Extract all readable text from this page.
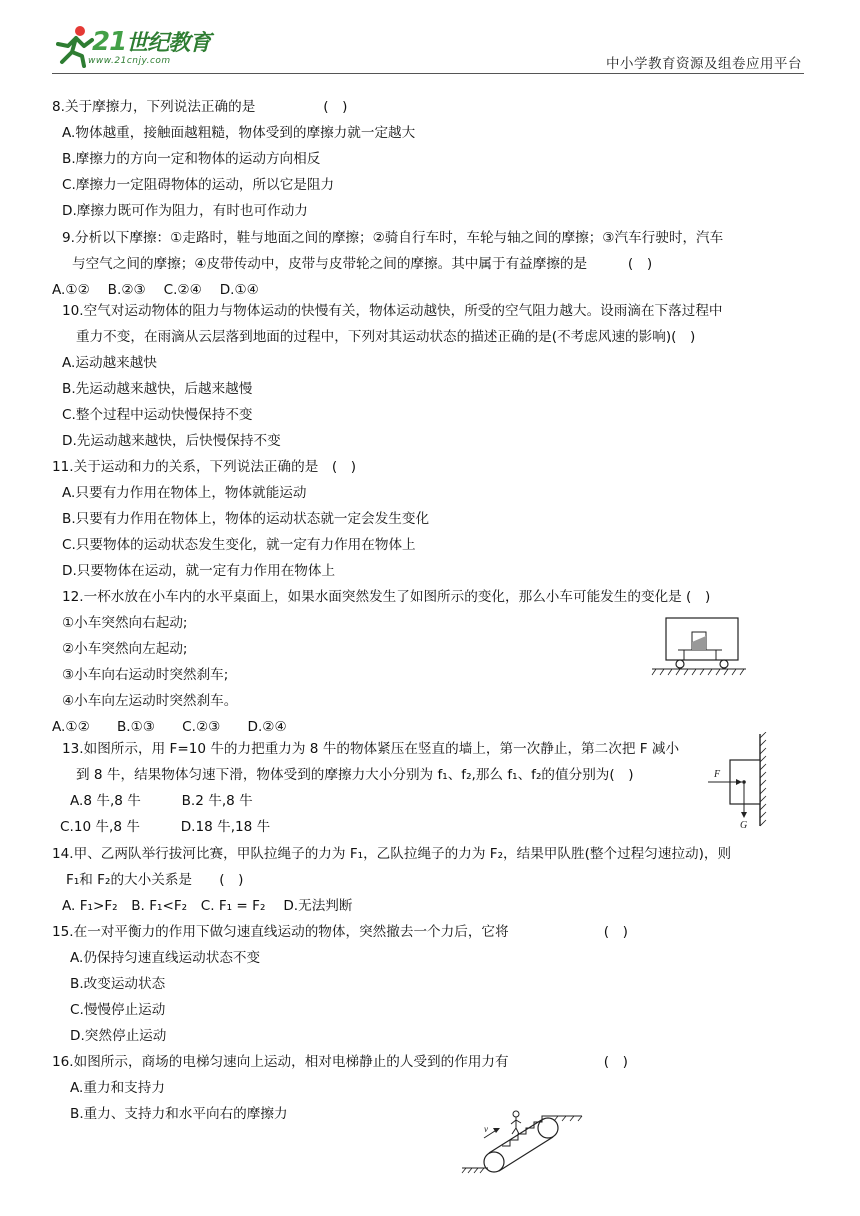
21世纪教育
www.21cnjy.com	中小学教育资源及组卷应用平台
8.关于摩擦力，下列说法正确的是　　　　　(　)
A.物体越重，接触面越粗糙，物体受到的摩擦力就一定越大
B.摩擦力的方向一定和物体的运动方向相反
C.摩擦力一定阻碍物体的运动，所以它是阻力
D.摩擦力既可作为阻力，有时也可作动力
9.分析以下摩擦：①走路时，鞋与地面之间的摩擦；②骑自行车时，车轮与轴之间的摩擦；③汽车行驶时，汽车
与空气之间的摩擦；④皮带传动中，皮带与皮带轮之间的摩擦。其中属于有益摩擦的是　　　(　)
A.①②　 B.②③　 C.②④　 D.①④
10.空气对运动物体的阻力与物体运动的快慢有关，物体运动越快，所受的空气阻力越大。设雨滴在下落过程中
重力不变，在雨滴从云层落到地面的过程中，下列对其运动状态的描述正确的是(不考虑风速的影响)(　)
A.运动越来越快
B.先运动越来越快，后越来越慢
C.整个过程中运动快慢保持不变
D.先运动越来越快，后快慢保持不变
11.关于运动和力的关系，下列说法正确的是　(　)
A.只要有力作用在物体上，物体就能运动
B.只要有力作用在物体上，物体的运动状态就一定会发生变化
C.只要物体的运动状态发生变化，就一定有力作用在物体上
D.只要物体在运动，就一定有力作用在物体上
12.一杯水放在小车内的水平桌面上，如果水面突然发生了如图所示的变化，那么小车可能发生的变化是 (　)
①小车突然向右起动;
②小车突然向左起动;
③小车向右运动时突然刹车;
④小车向左运动时突然刹车。
A.①②　　B.①③　　C.②③　　D.②④
13.如图所示，用 F=10 牛的力把重力为 8 牛的物体紧压在竖直的墙上，第一次静止，第二次把 F 减小
到 8 牛，结果物体匀速下滑，物体受到的摩擦力大小分别为 f₁、f₂,那么 f₁、f₂的值分别为(　)
A.8 牛,8 牛　　　B.2 牛,8 牛
C.10 牛,8 牛　　　D.18 牛,18 牛
14.甲、乙两队举行拔河比赛，甲队拉绳子的力为 F₁，乙队拉绳子的力为 F₂，结果甲队胜(整个过程匀速拉动)，则
F₁和 F₂的大小关系是　　(　)
A. F₁>F₂　B. F₁<F₂　C. F₁ = F₂　 D.无法判断
15.在一对平衡力的作用下做匀速直线运动的物体，突然撤去一个力后，它将　　　　　　　(　)
A.仍保持匀速直线运动状态不变
B.改变运动状态
C.慢慢停止运动
D.突然停止运动
16.如图所示，商场的电梯匀速向上运动，相对电梯静止的人受到的作用力有　　　　　　　(　)
A.重力和支持力
B.重力、支持力和水平向右的摩擦力
F
G
v
